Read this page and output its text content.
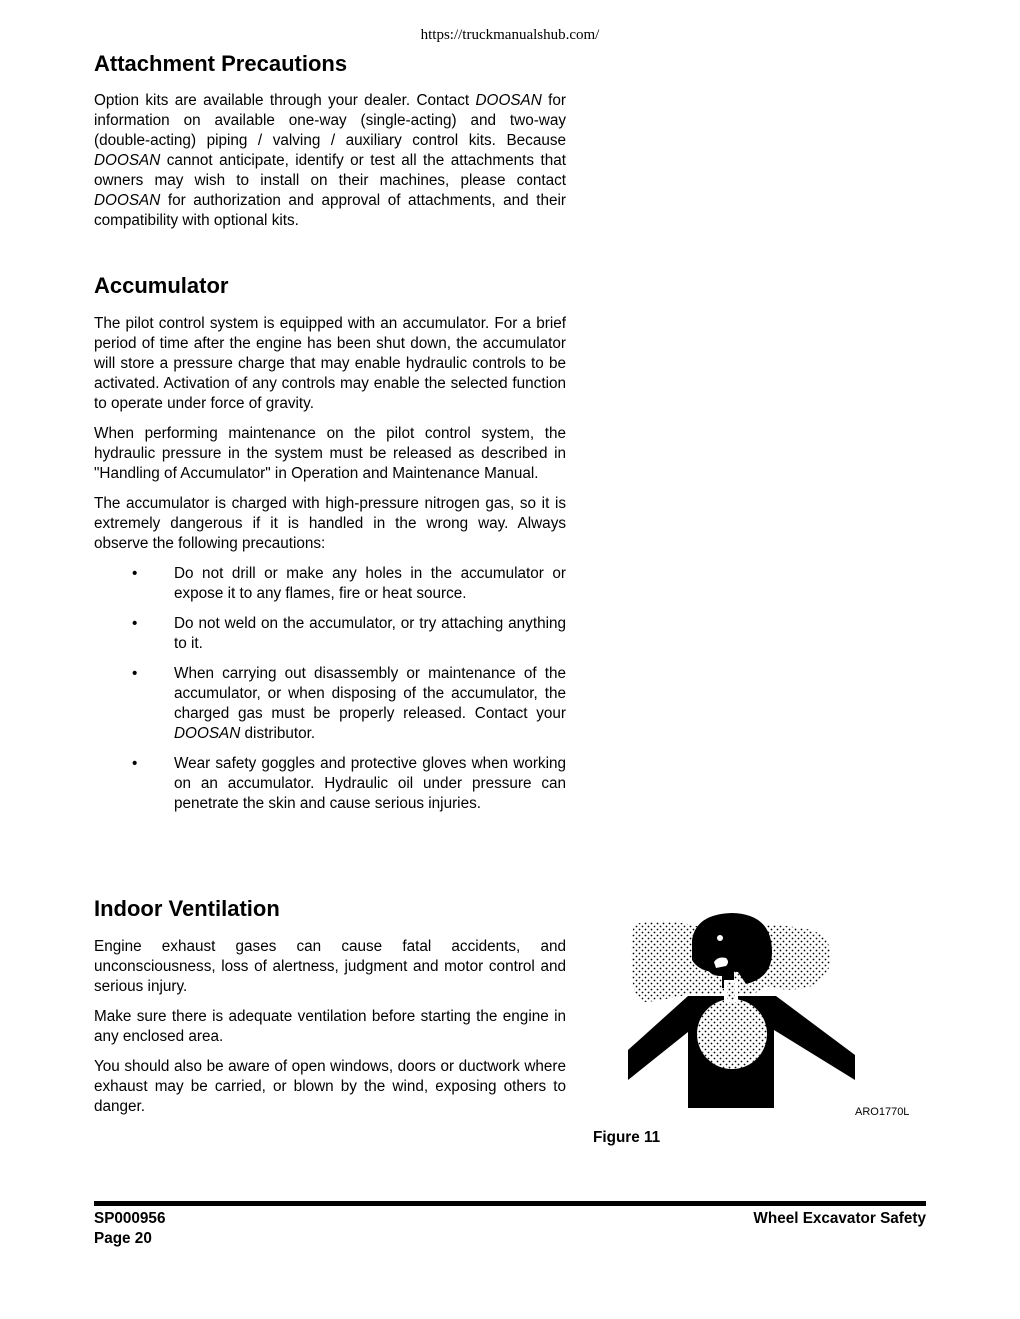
https://truckmanualshub.com/
Attachment Precautions

Option kits are available through your dealer. Contact DOOSAN for information on available one-way (single-acting) and two-way (double-acting) piping / valving / auxiliary control kits. Because DOOSAN cannot anticipate, identify or test all the attachments that owners may wish to install on their machines, please contact DOOSAN for authorization and approval of attachments, and their compatibility with optional kits.

Accumulator

The pilot control system is equipped with an accumulator. For a brief period of time after the engine has been shut down, the accumulator will store a pressure charge that may enable hydraulic controls to be activated. Activation of any controls may enable the selected function to operate under force of gravity.

When performing maintenance on the pilot control system, the hydraulic pressure in the system must be released as described in "Handling of Accumulator" in Operation and Maintenance Manual.

The accumulator is charged with high-pressure nitrogen gas, so it is extremely dangerous if it is handled in the wrong way. Always observe the following precautions:

• Do not drill or make any holes in the accumulator or expose it to any flames, fire or heat source.
• Do not weld on the accumulator, or try attaching anything to it.
• When carrying out disassembly or maintenance of the accumulator, or when disposing of the accumulator, the charged gas must be properly released. Contact your DOOSAN distributor.
• Wear safety goggles and protective gloves when working on an accumulator. Hydraulic oil under pressure can penetrate the skin and cause serious injuries.
Indoor Ventilation

Engine exhaust gases can cause fatal accidents, and unconsciousness, loss of alertness, judgment and motor control and serious injury.

Make sure there is adequate ventilation before starting the engine in any enclosed area.

You should also be aware of open windows, doors or ductwork where exhaust may be carried, or blown by the wind, exposing others to danger.	ARO1770L
Figure 11
SP000956
Page 20
Wheel Excavator Safety
